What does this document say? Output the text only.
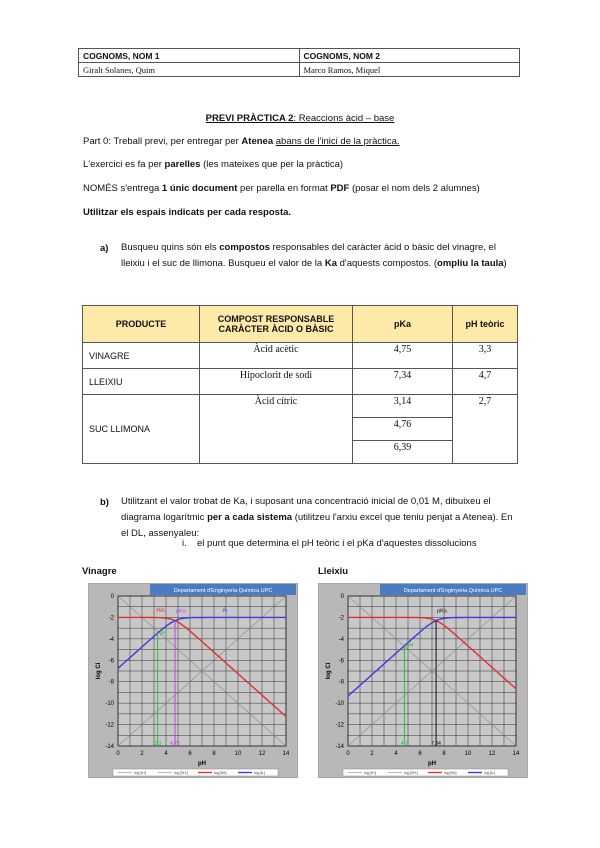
COGNOMS, NOM 1	COGNOMS, NOM 2
Giralt Solanes, Quim	Marco Ramos, Miquel
PREVI PRÀCTICA 2: Reaccions àcid – base
Part 0: Treball previ, per entregar per Atenea abans de l'inici de la pràctica.
L'exercici es fa per parelles (les mateixes que per la pràctica)
NOMÉS s'entrega 1 únic document per parella en format PDF (posar el nom dels 2 alumnes)
Utilitzar els espais indicats per cada resposta.
a) Busqueu quins són els compostos responsables del caràcter àcid o bàsic del vinagre, el lleixiu i el suc de llimona. Busqueu el valor de la Ka d'aquests compostos. (ompliu la taula)
PRODUCTE	COMPOST RESPONSABLE CARÀCTER ÀCID O BÀSIC	pKa	pH teòric
VINAGRE	Àcid acètic	4,75	3,3
LLEIXIU	Hipoclorit de sodi	7,34	4,7
SUC LLIMONA	Àcid cítric	3,14	2,7
		4,76	
		6,39	
b) Utilitzant el valor trobat de Ka, i suposant una concentració inicial de 0,01 M, dibuixeu el diagrama logarítmic per a cada sistema (utilitzeu l'arxiu excel que teniu penjat a Atenea). En el DL, assenyaleu:
i. el punt que determina el pH teòric i el pKa d'aquestes dissolucions
Vinagre	Lleixiu
Departament d'Enginyeria Química UPC
0	2	4	6	8	10	12	14
0
-2
-4
-6
-8
-10
-12
-14
pH
log Ci
pH
pKa
3,3 4,75
HA	A-
log [H+]	log [OH-]	log [HA]	log [A-]
Departament d'Enginyeria Química UPC
0	2	4	6	8	10	12	14
0
-2
-4
-6
-8
-10
-12
-14
pH
log Ci
pH
pKa
4,7	7,34
log [H+]	log [OH-]	log [HA]	log [A-]
